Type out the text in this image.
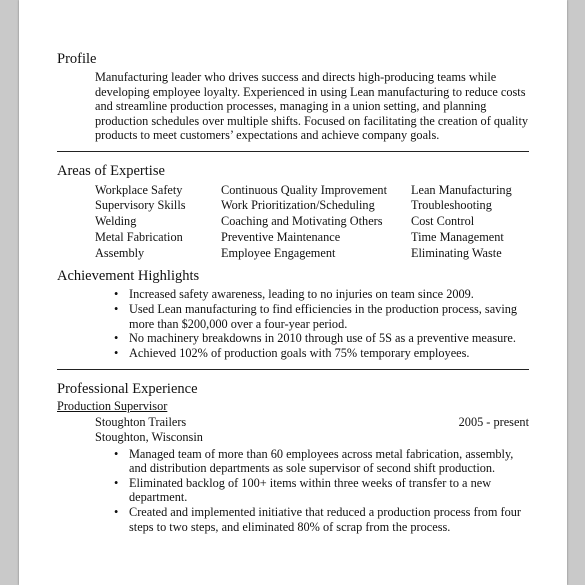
Profile
Manufacturing leader who drives success and directs high-producing teams while developing employee loyalty. Experienced in using Lean manufacturing to reduce costs and streamline production processes, managing in a union setting, and planning production schedules over multiple shifts. Focused on facilitating the creation of quality products to meet customers’ expectations and achieve company goals.
Areas of Expertise
Workplace Safety	Continuous Quality Improvement	Lean Manufacturing
Supervisory Skills	Work Prioritization/Scheduling	Troubleshooting
Welding	Coaching and Motivating Others	Cost Control
Metal Fabrication	Preventive Maintenance	Time Management
Assembly	Employee Engagement	Eliminating Waste
Achievement Highlights
• Increased safety awareness, leading to no injuries on team since 2009.
• Used Lean manufacturing to find efficiencies in the production process, saving more than $200,000 over a four-year period.
• No machinery breakdowns in 2010 through use of 5S as a preventive measure.
• Achieved 102% of production goals with 75% temporary employees.
Professional Experience
Production Supervisor
Stoughton Trailers	2005 - present
Stoughton, Wisconsin
• Managed team of more than 60 employees across metal fabrication, assembly, and distribution departments as sole supervisor of second shift production.
• Eliminated backlog of 100+ items within three weeks of transfer to a new department.
• Created and implemented initiative that reduced a production process from four steps to two steps, and eliminated 80% of scrap from the process.
